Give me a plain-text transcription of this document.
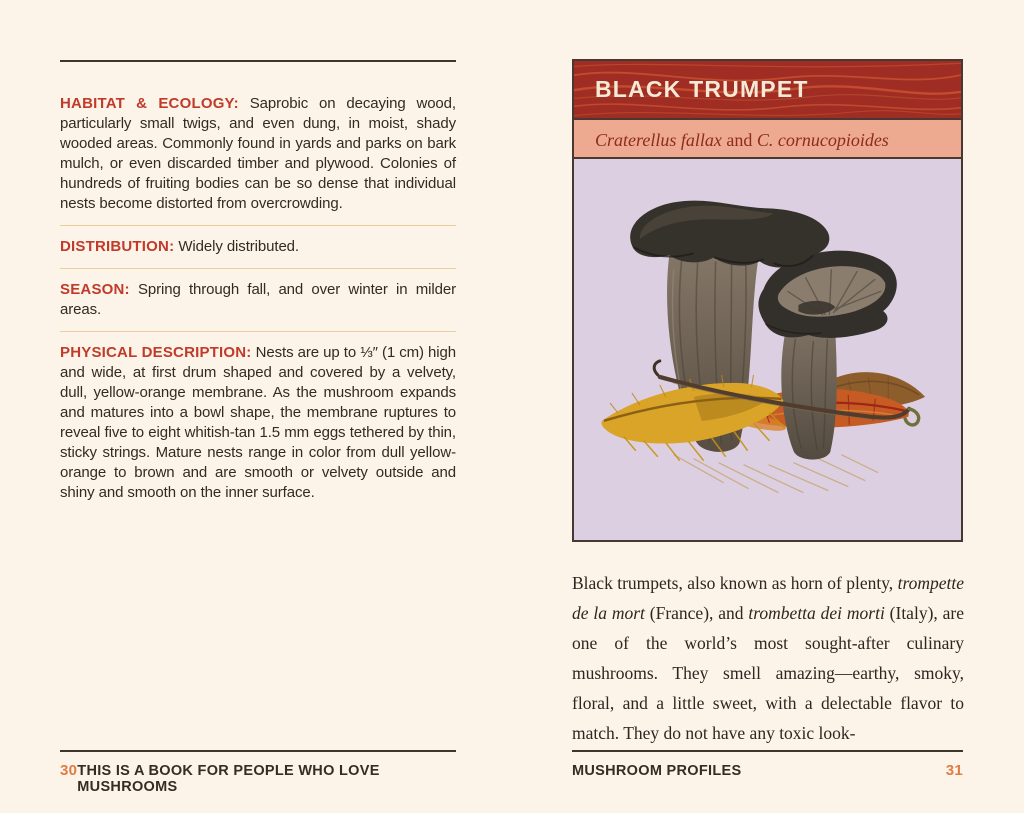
HABITAT & ECOLOGY: Saprobic on decaying wood, particularly small twigs, and even dung, in moist, shady wooded areas. Commonly found in yards and parks on bark mulch, or even discarded timber and plywood. Colonies of hundreds of fruiting bodies can be so dense that individual nests become distorted from overcrowding.

DISTRIBUTION: Widely distributed.

SEASON: Spring through fall, and over winter in milder areas.

PHYSICAL DESCRIPTION: Nests are up to ⅓″ (1 cm) high and wide, at first drum shaped and covered by a velvety, dull, yellow-orange membrane. As the mushroom expands and matures into a bowl shape, the membrane ruptures to reveal five to eight whitish-tan 1.5 mm eggs tethered by thin, sticky strings. Mature nests range in color from dull yellow-orange to brown and are smooth or velvety outside and shiny and smooth on the inner surface.

30 THIS IS A BOOK FOR PEOPLE WHO LOVE MUSHROOMS
BLACK TRUMPET
Craterellus fallax and C. cornucopioides

Black trumpets, also known as horn of plenty, trompette de la mort (France), and trombetta dei morti (Italy), are one of the world’s most sought-after culinary mushrooms. They smell amazing—earthy, smoky, floral, and a little sweet, with a delectable flavor to match. They do not have any toxic look-

MUSHROOM PROFILES	31
